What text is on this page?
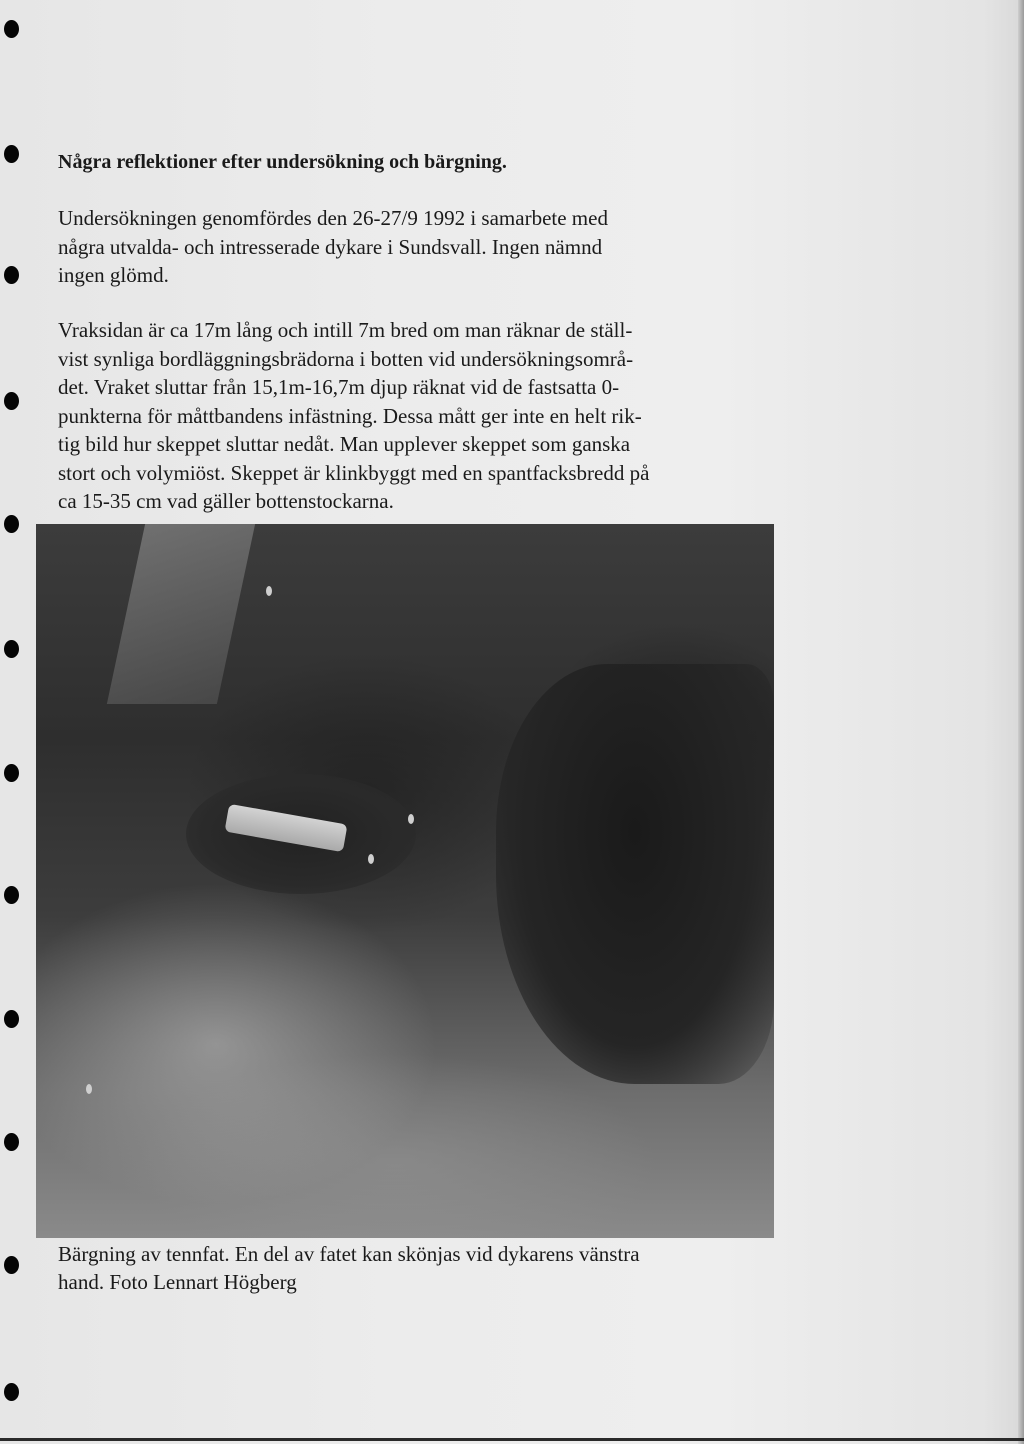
Några reflektioner efter undersökning och bärgning.

Undersökningen genomfördes den 26-27/9 1992 i samarbete med
några utvalda- och intresserade dykare i Sundsvall. Ingen nämnd
ingen glömd.

Vraksidan är ca 17m lång och intill 7m bred om man räknar de ställ-
vist synliga bordläggningsbrädorna i botten vid undersökningsområ-
det. Vraket sluttar från 15,1m-16,7m djup räknat vid de fastsatta 0-
punkterna för måttbandens infästning. Dessa mått ger inte en helt rik-
tig bild hur skeppet sluttar nedåt. Man upplever skeppet som ganska
stort och volymiöst. Skeppet är klinkbyggt med en spantfacksbredd på
ca 15-35 cm vad gäller bottenstockarna.

Bärgning av tennfat. En del av fatet kan skönjas vid dykarens vänstra
hand. Foto Lennart Högberg
